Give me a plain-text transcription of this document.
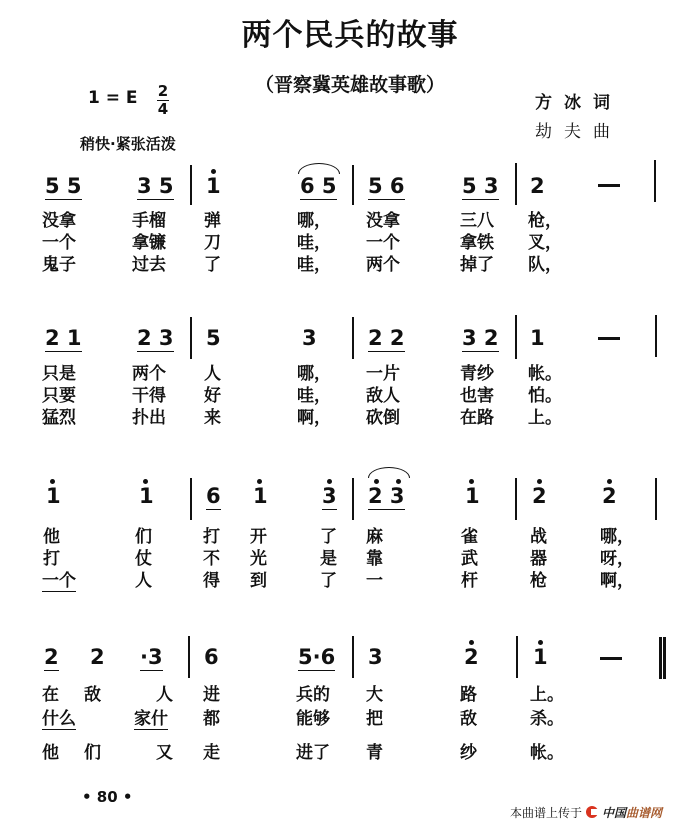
两个民兵的故事
（晋察冀英雄故事歌）
1 = E 2
4
稍快·紧张活泼
方冰词
劫夫曲
5 5	3 5 1	6 5 5 6	5 3 2
没拿	手榴 弹	哪， 没拿	三八 枪，
一个	拿镰 刀	哇， 一个	拿铁 叉，
鬼子	过去 了	哇， 两个	掉了 队，
2 1	2 3 5	3 2 2	3 2 1
只是	两个 人	哪， 一片	青纱 帐。
只要	干得 好	哇， 敌人	也害 怕。
猛烈	扑出 来	啊， 砍倒	在路 上。
1	1 6 1	3 2 3	1 2	2
他	们	打 开	了 麻	雀	战	哪，
打	仗	不 光	是 靠	武	器	呀，
一个	人	得 到	了 一	杆	枪	啊，
2 2 ·3 6	5·6 3	2	1
在 敌	人 进	兵的 大	路	上。
什么	家什 都	能够 把	敌	杀。
他 们	又 走	进了 青	纱	帐。
• 80 •
本曲谱上传于 中国曲谱网
